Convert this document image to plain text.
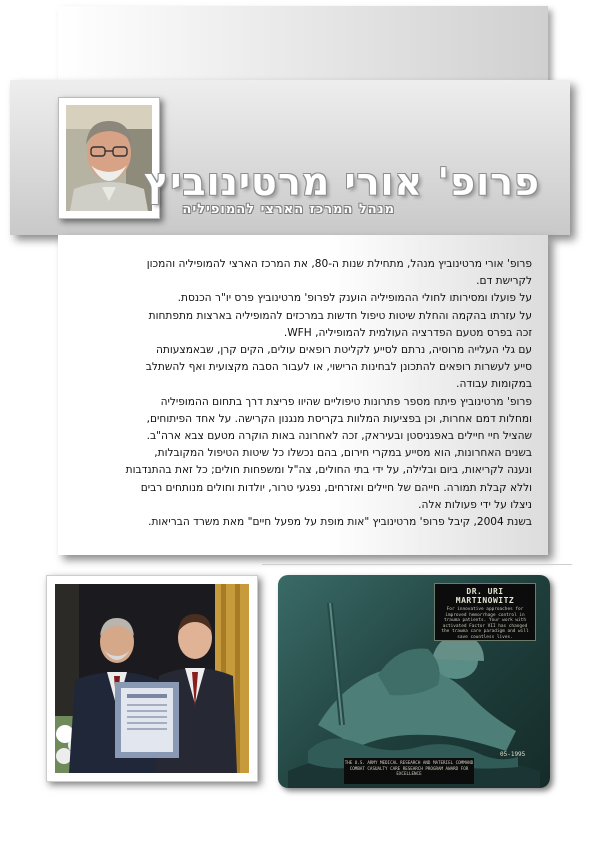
פרופ' אורי מרטינוביץ
מנהל המרכז הארצי להמופיליה

פרופ' אורי מרטינוביץ מנהל, מתחילת שנות ה-80, את המרכז הארצי להמופיליה והמכון
לקרישת דם.
על פועלו ומסירותו לחולי ההמופיליה הוענק לפרופ' מרטינוביץ פרס יו"ר הכנסת.
על עזרתו בהקמה והחלת שיטות טיפול חדשות במרכזים להמופיליה בארצות מתפתחות
זכה בפרס מטעם הפדרציה העולמית להמופיליה, WFH.
עם גלי העלייה מרוסיה, נרתם לסייע לקליטת רופאים עולים, הקים קרן, שבאמצעותה
סייע לעשרות רופאים להתכונן לבחינות הרישוי, או לעבור הסבה מקצועית ואף להשתלב
במקומות עבודה.
פרופ' מרטינוביץ פיתח מספר פתרונות טיפוליים שהיוו פריצת דרך בתחום ההמופיליה
ומחלות דמם אחרות, וכן בפציעות המלוות בקריסת מנגנון הקרישה. על אחד הפיתוחים,
שהציל חיי חיילים באפגניסטן ובעיראק, זכה לאחרונה באות הוקרה מטעם צבא ארה"ב.
בשנים האחרונות, הוא מסייע במקרי חירום, בהם נכשלו כל שיטות הטיפול המקובלות,
ונענה לקריאות, ביום ובלילה, על ידי בתי החולים, צה"ל ומשפחות חולים; כל זאת בהתנדבות
וללא קבלת תמורה. חייהם של חיילים ואזרחים, נפגעי טרור, יולדות וחולים מנותחים רבים
ניצלו על ידי פעולות אלה.
בשנת 2004, קיבל פרופ' מרטינוביץ "אות מופת על מפעל חיים" מאת משרד הבריאות.

DR. URI MARTINOWITZ
For innovative approaches for improved hemorrhage control in trauma patients. Your work with activated Factor VII has changed the trauma care paradigm and will save countless lives.
05-1995
THE U.S. ARMY MEDICAL RESEARCH AND MATERIEL COMMAND COMBAT CASUALTY CARE RESEARCH PROGRAM AWARD FOR EXCELLENCE
